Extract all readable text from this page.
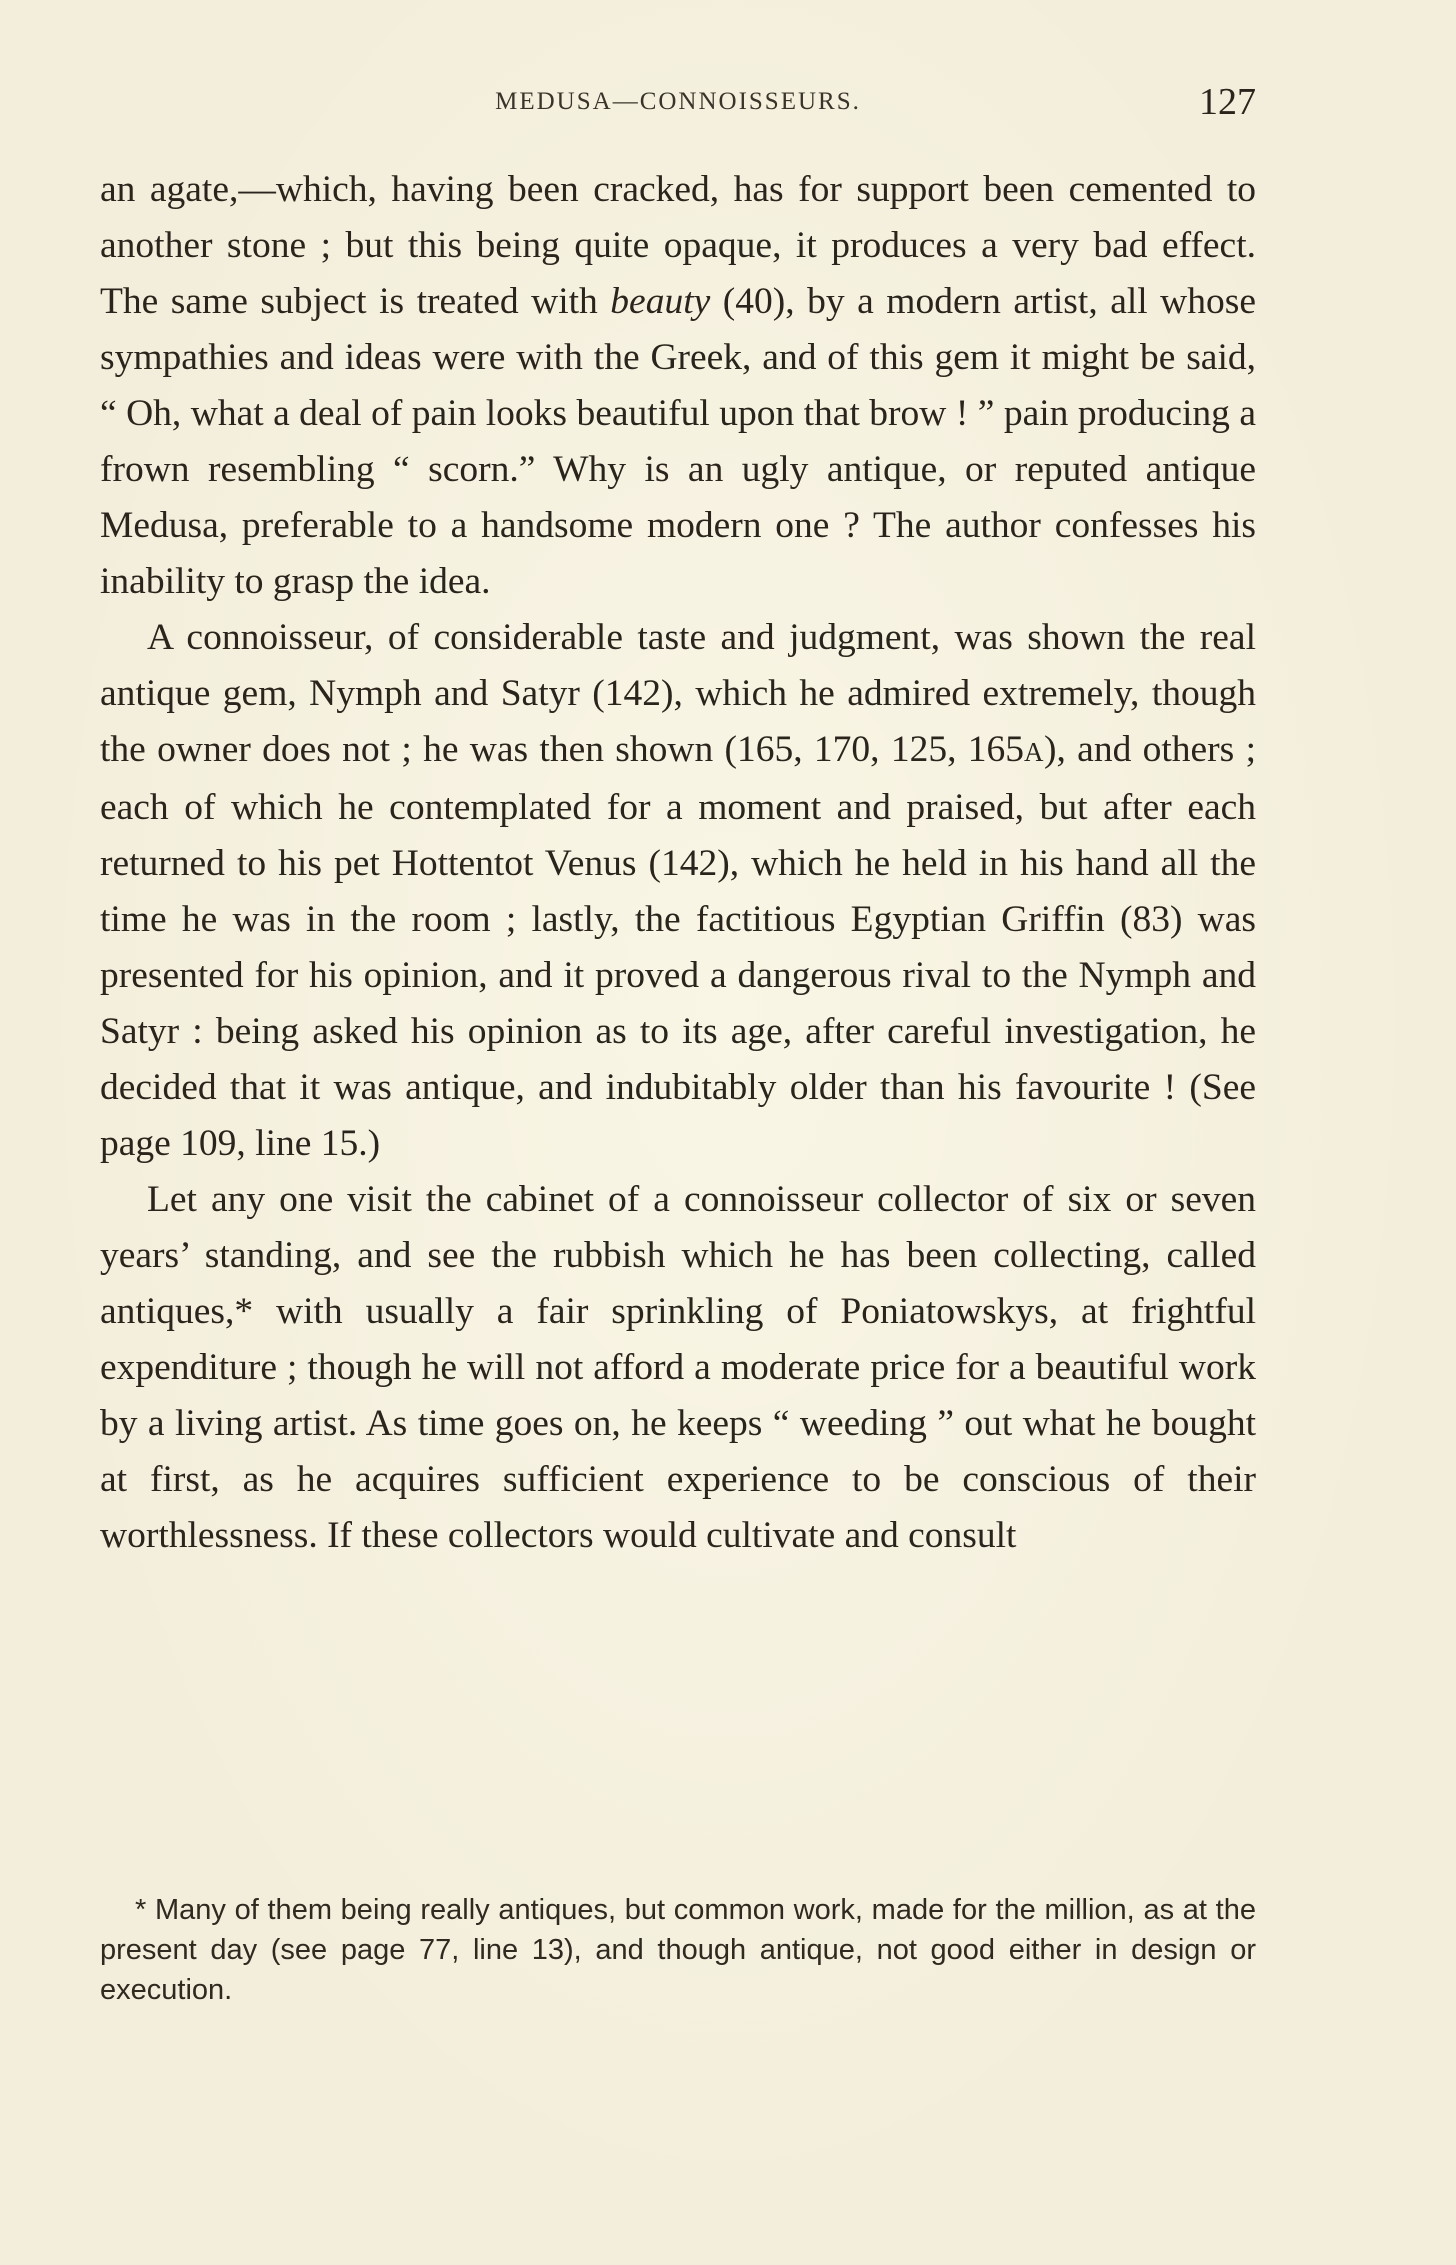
MEDUSA—CONNOISSEURS.	127

an agate,—which, having been cracked, has for support been cemented to another stone ; but this being quite opaque, it produces a very bad effect. The same subject is treated with beauty (40), by a modern artist, all whose sympathies and ideas were with the Greek, and of this gem it might be said, “ Oh, what a deal of pain looks beautiful upon that brow ! ” pain producing a frown resembling “ scorn.” Why is an ugly antique, or reputed antique Medusa, preferable to a handsome modern one ? The author confesses his inability to grasp the idea.

A connoisseur, of considerable taste and judgment, was shown the real antique gem, Nymph and Satyr (142), which he admired extremely, though the owner does not ; he was then shown (165, 170, 125, 165A), and others ; each of which he contemplated for a moment and praised, but after each returned to his pet Hottentot Venus (142), which he held in his hand all the time he was in the room ; lastly, the factitious Egyptian Griffin (83) was presented for his opinion, and it proved a dangerous rival to the Nymph and Satyr : being asked his opinion as to its age, after careful investigation, he decided that it was antique, and indubitably older than his favourite ! (See page 109, line 15.)

Let any one visit the cabinet of a connoisseur collector of six or seven years’ standing, and see the rubbish which he has been collecting, called antiques,* with usually a fair sprinkling of Poniatowskys, at frightful expenditure ; though he will not afford a moderate price for a beautiful work by a living artist. As time goes on, he keeps “ weeding ” out what he bought at first, as he acquires sufficient experience to be conscious of their worthlessness. If these collectors would cultivate and consult

* Many of them being really antiques, but common work, made for the million, as at the present day (see page 77, line 13), and though antique, not good either in design or execution.
